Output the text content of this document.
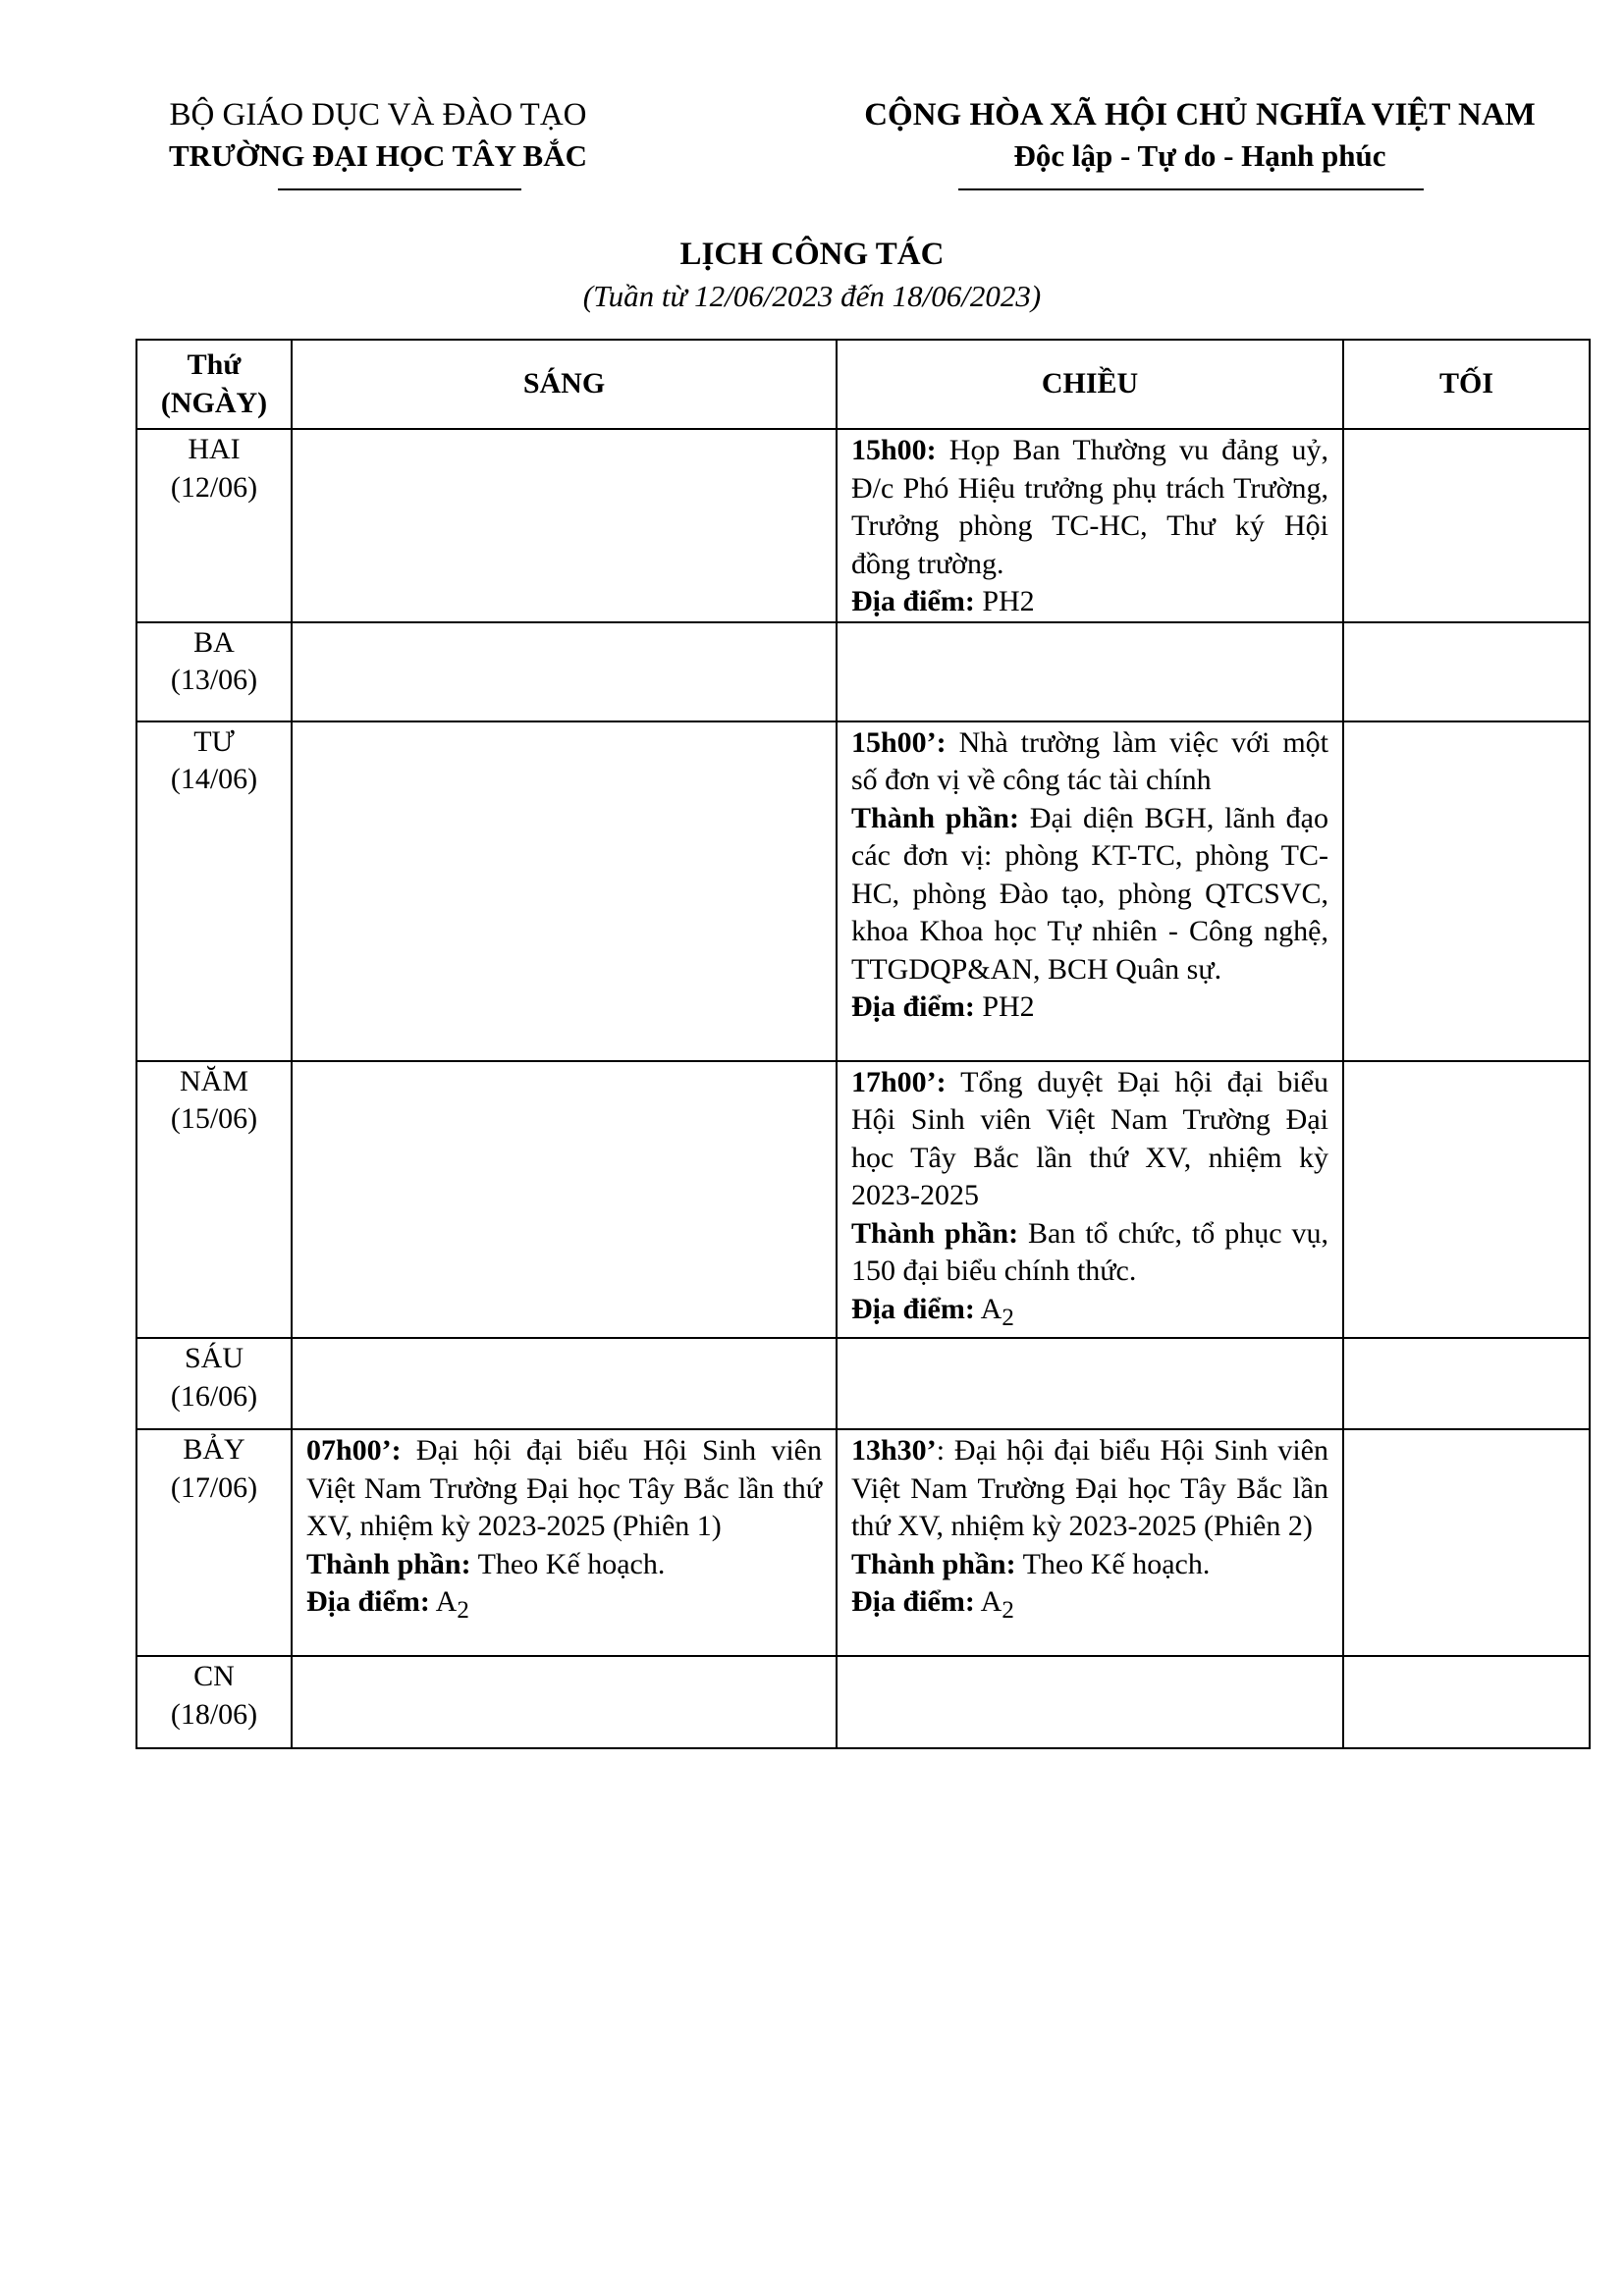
BỘ GIÁO DỤC VÀ ĐÀO TẠO
TRƯỜNG ĐẠI HỌC TÂY BẮC
CỘNG HÒA XÃ HỘI CHỦ NGHĨA VIỆT NAM
Độc lập - Tự do - Hạnh phúc
LỊCH CÔNG TÁC
(Tuần từ 12/06/2023 đến 18/06/2023)
Thứ
(NGÀY)	SÁNG	CHIỀU	TỐI

HAI
(12/06)		15h00: Họp Ban Thường vu đảng uỷ, Đ/c Phó Hiệu trưởng phụ trách Trường, Trưởng phòng TC-HC, Thư ký Hội đồng trường.
Địa điểm: PH2	

BA
(13/06)			

TƯ
(14/06)		15h00’: Nhà trường làm việc với một số đơn vị về công tác tài chính
Thành phần: Đại diện BGH, lãnh đạo các đơn vị: phòng KT-TC, phòng TC-HC, phòng Đào tạo, phòng QTCSVC, khoa Khoa học Tự nhiên - Công nghệ, TTGDQP&AN, BCH Quân sự.
Địa điểm: PH2	

NĂM
(15/06)		17h00’: Tổng duyệt Đại hội đại biểu Hội Sinh viên Việt Nam Trường Đại học Tây Bắc lần thứ XV, nhiệm kỳ 2023-2025
Thành phần: Ban tổ chức, tổ phục vụ, 150 đại biểu chính thức.
Địa điểm: $A_2$	

SÁU
(16/06)			

BẢY
(17/06)	07h00’: Đại hội đại biểu Hội Sinh viên Việt Nam Trường Đại học Tây Bắc lần thứ XV, nhiệm kỳ 2023-2025 (Phiên 1)
Thành phần: Theo Kế hoạch.
Địa điểm: $A_2$	13h30’: Đại hội đại biểu Hội Sinh viên Việt Nam Trường Đại học Tây Bắc lần thứ XV, nhiệm kỳ 2023-2025 (Phiên 2)
Thành phần: Theo Kế hoạch.
Địa điểm: $A_2$	

CN
(18/06)			
